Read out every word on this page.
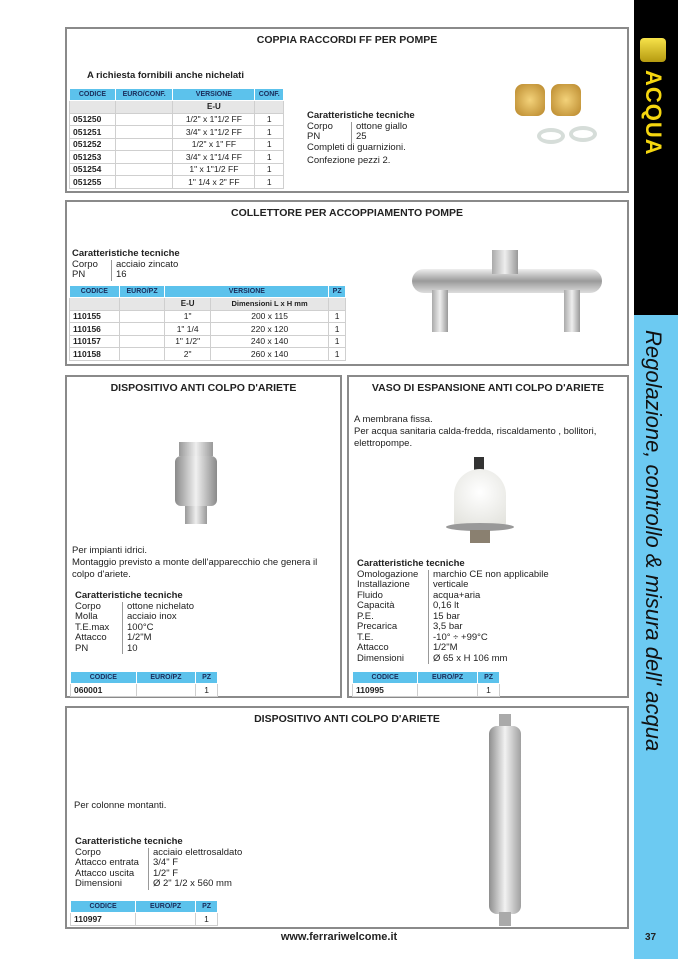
ACQUA
Regolazione, controllo & misura dell' acqua
COPPIA RACCORDI FF PER POMPE
A richiesta fornibili anche nichelati
CODICE	EURO/CONF.	VERSIONE	CONF.
		E-U	
051250		1/2" x 1"1/2 FF	1
051251		3/4" x 1"1/2 FF	1
051252		1/2" x 1" FF	1
051253		3/4" x 1"1/4 FF	1
051254		1" x 1"1/2 FF	1
051255		1" 1/4 x 2" FF	1
Caratteristiche tecniche
Corpo	ottone giallo
PN	25
Completi di guarnizioni.
Confezione pezzi 2.
COLLETTORE PER ACCOPPIAMENTO POMPE
Caratteristiche tecniche
Corpo	acciaio zincato
PN	16
CODICE	EURO/PZ	VERSIONE		PZ
		E-U	Dimensioni L x H mm	
110155		1"	200 x 115	1
110156		1" 1/4	220 x 120	1
110157		1" 1/2"	240 x 140	1
110158		2"	260 x 140	1
DISPOSITIVO ANTI COLPO D'ARIETE
Per impianti idrici.
Montaggio previsto a monte dell'apparecchio che genera il colpo d'ariete.
Caratteristiche tecniche
Corpo	ottone nichelato
Molla	acciaio inox
T.E.max	100°C
Attacco	1/2"M
PN	10
CODICE	EURO/PZ	PZ
060001		1
VASO DI ESPANSIONE ANTI COLPO D'ARIETE
A membrana fissa.
Per acqua sanitaria calda-fredda, riscaldamento , bollitori, elettropompe.
Caratteristiche tecniche
Omologazione	marchio CE non applicabile
Installazione	verticale
Fluido	acqua+aria
Capacità	0,16 lt
P.E.	15 bar
Precarica	3,5 bar
T.E.	-10° ÷ +99°C
Attacco	1/2"M
Dimensioni	Ø 65 x H 106 mm
CODICE	EURO/PZ	PZ
110995		1
DISPOSITIVO ANTI COLPO D'ARIETE
Per colonne montanti.
Caratteristiche tecniche
Corpo	acciaio elettrosaldato
Attacco entrata	3/4" F
Attacco uscita	1/2" F
Dimensioni	Ø 2" 1/2 x 560 mm
CODICE	EURO/PZ	PZ
110997		1
www.ferrariwelcome.it	37
